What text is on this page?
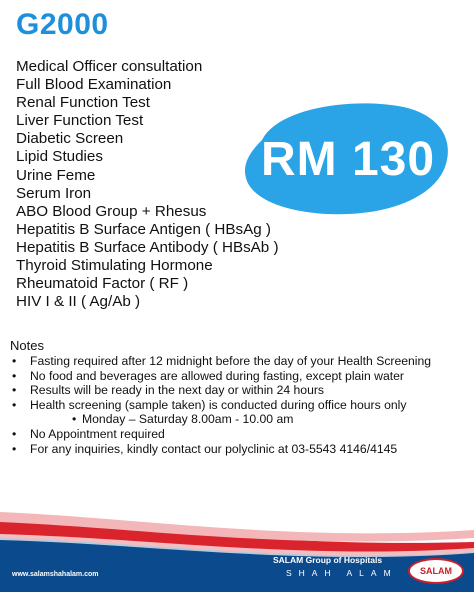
G2000
Medical Officer consultation
Full Blood Examination
Renal Function Test
Liver Function Test
Diabetic Screen
Lipid Studies
Urine Feme
Serum Iron
ABO Blood Group + Rhesus
Hepatitis B Surface Antigen ( HBsAg )
Hepatitis B Surface Antibody ( HBsAb )
Thyroid Stimulating Hormone
Rheumatoid Factor ( RF )
HIV I & II ( Ag/Ab )
RM 130
Notes
• Fasting required after 12 midnight before the day of your Health Screening
• No food and beverages are allowed during fasting, except plain water
• Results will be ready in the next day or within 24 hours
• Health screening (sample taken) is conducted during office hours only
• Monday – Saturday 8.00am - 10.00 am
• No Appointment required
• For any inquiries, kindly contact our polyclinic at 03-5543 4146/4145
www.salamshahalam.com
SALAM Group of Hospitals
SHAH ALAM SALAM
